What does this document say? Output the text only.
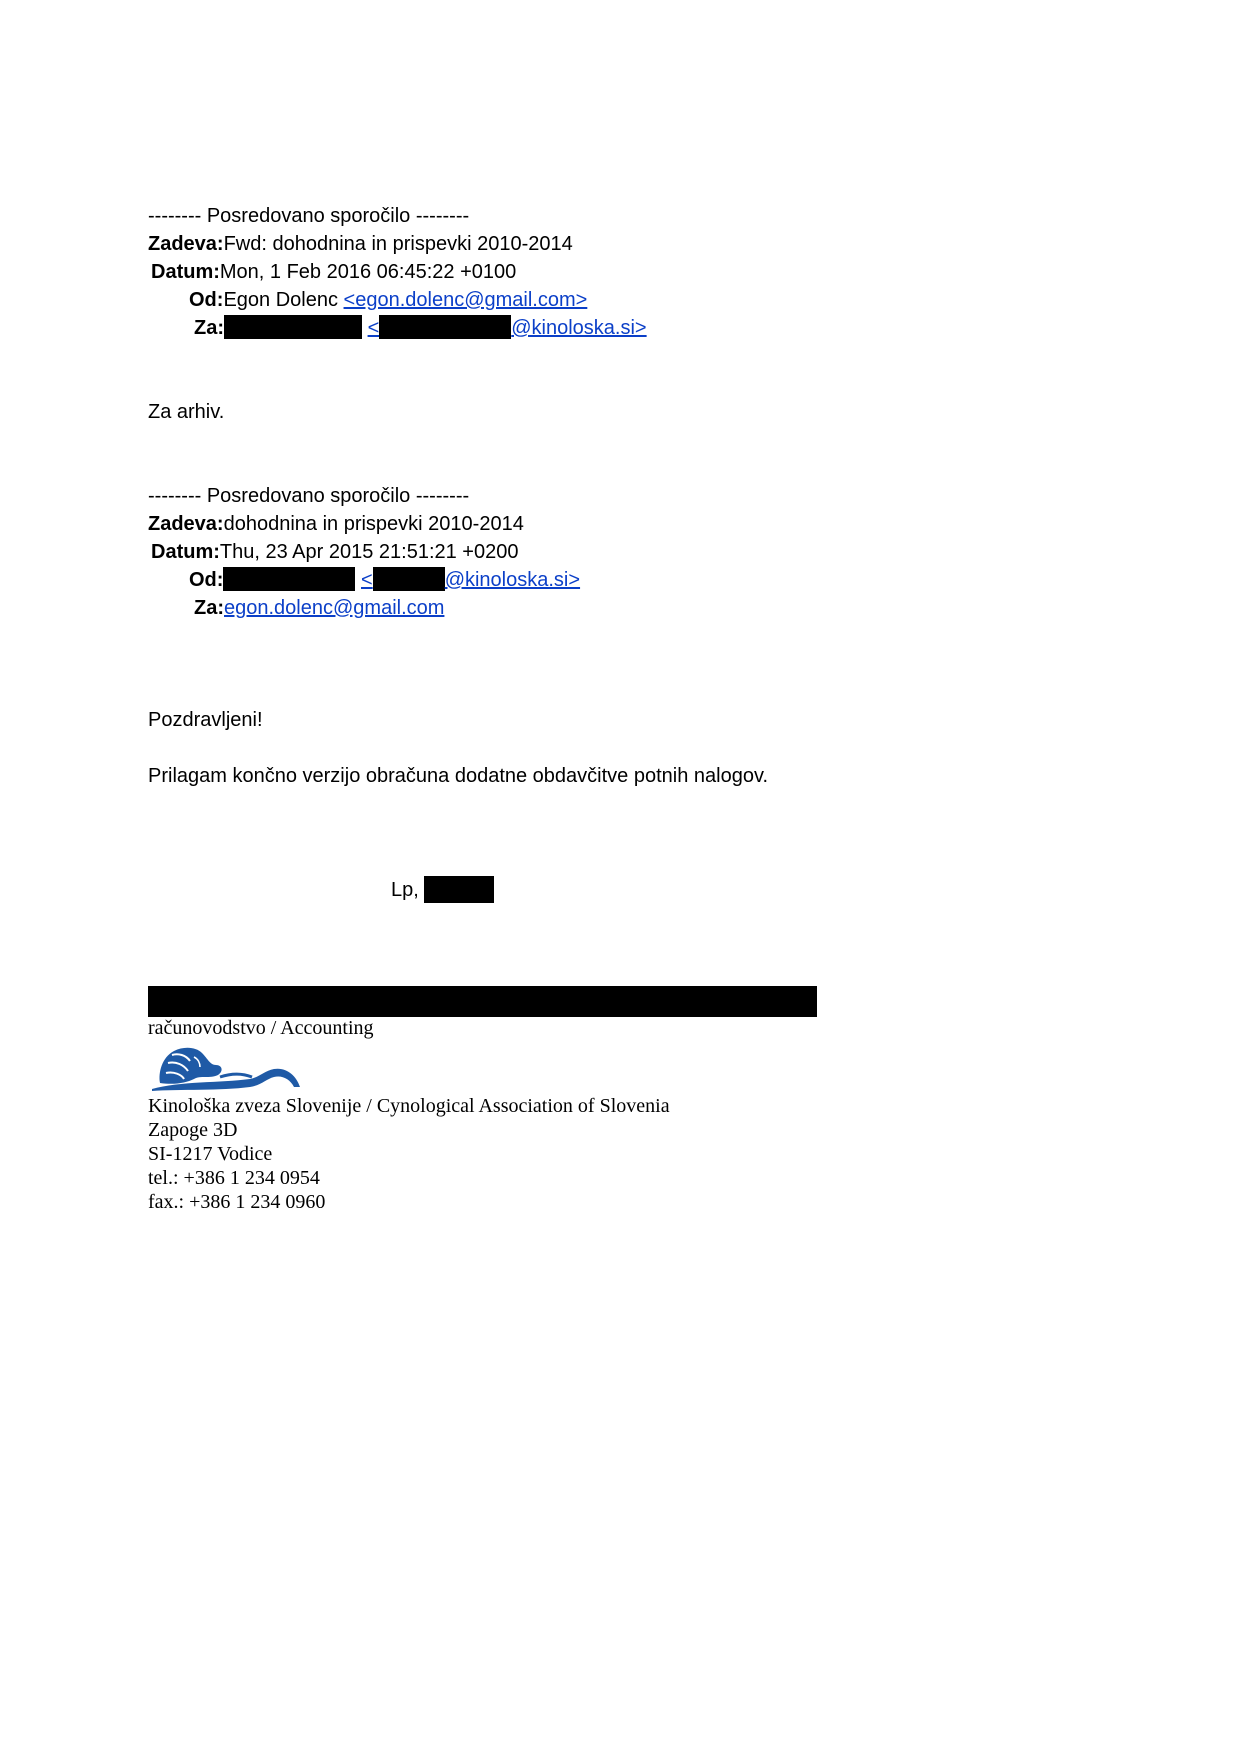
-------- Posredovano sporočilo --------
Zadeva:Fwd: dohodnina in prispevki 2010-2014
Datum:Mon, 1 Feb 2016 06:45:22 +0100
Od:Egon Dolenc <egon.dolenc@gmail.com>
Za:	<	@kinoloska.si>
Za arhiv.
-------- Posredovano sporočilo --------
Zadeva:dohodnina in prispevki 2010-2014
Datum:Thu, 23 Apr 2015 21:51:21 +0200
Od:	<	@kinoloska.si>
Za:egon.dolenc@gmail.com
Pozdravljeni!
Prilagam končno verzijo obračuna dodatne obdavčitve potnih nalogov.
Lp,
računovodstvo / Accounting
Kinološka zveza Slovenije / Cynological Association of Slovenia
Zapoge 3D
SI-1217 Vodice
tel.: +386 1 234 0954
fax.: +386 1 234 0960
